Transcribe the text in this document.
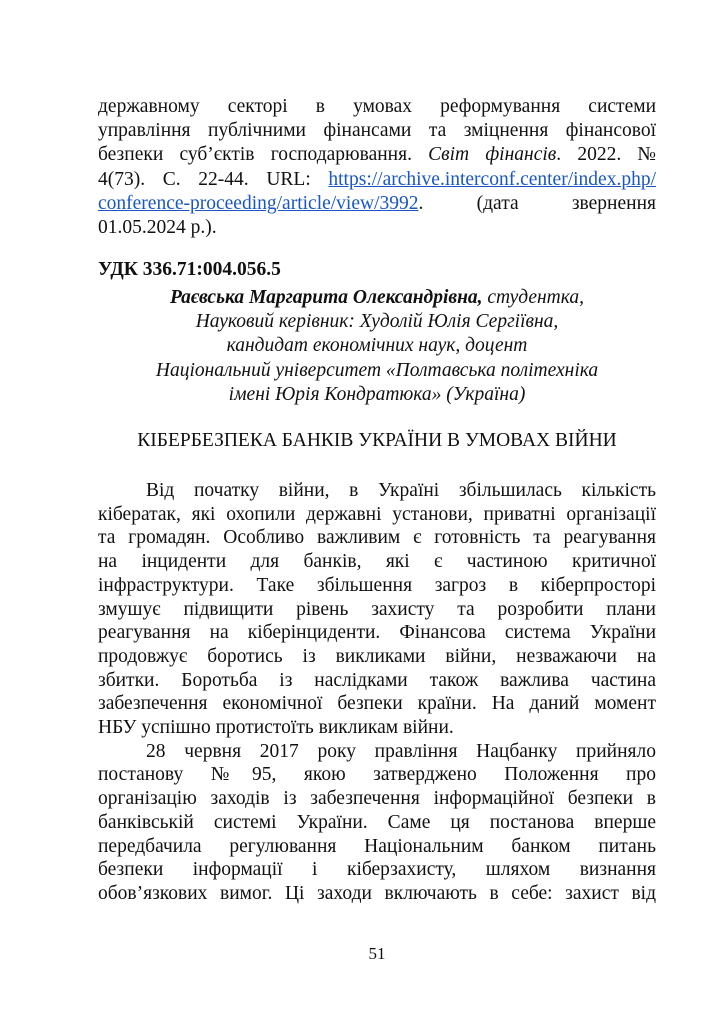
державному секторі в умовах реформування системи
управління публічними фінансами та зміцнення фінансової
безпеки суб’єктів господарювання. Світ фінансів. 2022. №
4(73). С. 22-44. URL: https://archive.interconf.center/index.php/
conference-proceeding/article/view/3992.	(дата	звернення
01.05.2024 р.).
УДК 336.71:004.056.5
Раєвська Маргарита Олександрівна, студентка,
Науковий керівник: Худолій Юлія Сергіївна,
кандидат економічних наук, доцент
Національний університет «Полтавська політехніка
імені Юрія Кондратюка» (Україна)
КІБЕРБЕЗПЕКА БАНКІВ УКРАЇНИ В УМОВАХ ВІЙНИ
Від початку війни, в Україні збільшилась кількість
кібератак, які охопили державні установи, приватні організації
та громадян. Особливо важливим є готовність та реагування
на інциденти для банків, які є частиною критичної
інфраструктури. Таке збільшення загроз в кіберпросторі
змушує підвищити рівень захисту та розробити плани
реагування на кіберінциденти. Фінансова система України
продовжує боротись із викликами війни, незважаючи на
збитки. Боротьба із наслідками також важлива частина
забезпечення економічної безпеки країни. На даний момент
НБУ успішно протистоїть викликам війни.
28 червня 2017 року правління Нацбанку прийняло
постанову №95, якою затверджено Положення про
організацію заходів із забезпечення інформаційної безпеки в
банківській системі України. Саме ця постанова вперше
передбачила регулювання Національним банком питань
безпеки інформації і кіберзахисту, шляхом визнання
обов’язкових вимог. Ці заходи включають в себе: захист від
51
